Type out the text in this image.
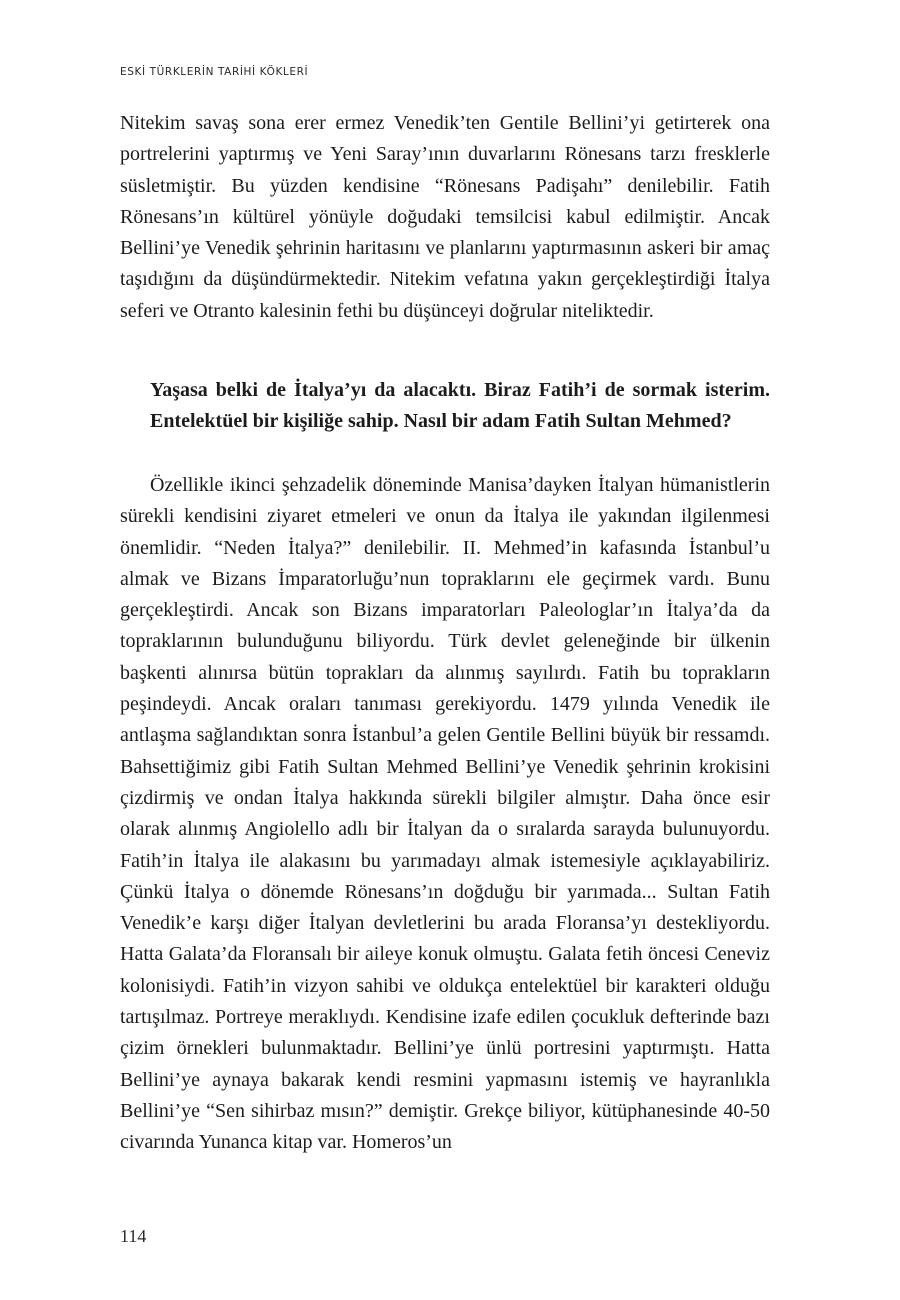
ESKİ TÜRKLERİN TARİHİ KÖKLERİ

Nitekim savaş sona erer ermez Venedik’ten Gentile Bellini’yi getirterek ona portrelerini yaptırmış ve Yeni Saray’ının duvarlarını Rönesans tarzı fresklerle süsletmiştir. Bu yüzden kendisine “Rönesans Padişahı” denilebilir. Fatih Rönesans’ın kültürel yönüyle doğudaki temsilcisi kabul edilmiştir. Ancak Bellini’ye Venedik şehrinin haritasını ve planlarını yaptırmasının askeri bir amaç taşıdığını da düşündürmektedir. Nitekim vefatına yakın gerçekleştirdiği İtalya seferi ve Otranto kalesinin fethi bu düşünceyi doğrular niteliktedir.

Yaşasa belki de İtalya’yı da alacaktı. Biraz Fatih’i de sormak isterim. Entelektüel bir kişiliğe sahip. Nasıl bir adam Fatih Sultan Mehmed?

Özellikle ikinci şehzadelik döneminde Manisa’dayken İtalyan hümanistlerin sürekli kendisini ziyaret etmeleri ve onun da İtalya ile yakından ilgilenmesi önemlidir. “Neden İtalya?” denilebilir. II. Mehmed’in kafasında İstanbul’u almak ve Bizans İmparatorluğu’nun topraklarını ele geçirmek vardı. Bunu gerçekleştirdi. Ancak son Bizans imparatorları Paleologlar’ın İtalya’da da topraklarının bulunduğunu biliyordu. Türk devlet geleneğinde bir ülkenin başkenti alınırsa bütün toprakları da alınmış sayılırdı. Fatih bu toprakların peşindeydi. Ancak oraları tanıması gerekiyordu. 1479 yılında Venedik ile antlaşma sağlandıktan sonra İstanbul’a gelen Gentile Bellini büyük bir ressamdı. Bahsettiğimiz gibi Fatih Sultan Mehmed Bellini’ye Venedik şehrinin krokisini çizdirmiş ve ondan İtalya hakkında sürekli bilgiler almıştır. Daha önce esir olarak alınmış Angiolello adlı bir İtalyan da o sıralarda sarayda bulunuyordu. Fatih’in İtalya ile alakasını bu yarımadayı almak istemesiyle açıklayabiliriz. Çünkü İtalya o dönemde Rönesans’ın doğduğu bir yarımada... Sultan Fatih Venedik’e karşı diğer İtalyan devletlerini bu arada Floransa’yı destekliyordu. Hatta Galata’da Floransalı bir aileye konuk olmuştu. Galata fetih öncesi Ceneviz kolonisiydi. Fatih’in vizyon sahibi ve oldukça entelektüel bir karakteri olduğu tartışılmaz. Portreye meraklıydı. Kendisine izafe edilen çocukluk defterinde bazı çizim örnekleri bulunmaktadır. Bellini’ye ünlü portresini yaptırmıştı. Hatta Bellini’ye aynaya bakarak kendi resmini yapmasını istemiş ve hayranlıkla Bellini’ye “Sen sihirbaz mısın?” demiştir. Grekçe biliyor, kütüphanesinde 40-50 civarında Yunanca kitap var. Homeros’un

114
